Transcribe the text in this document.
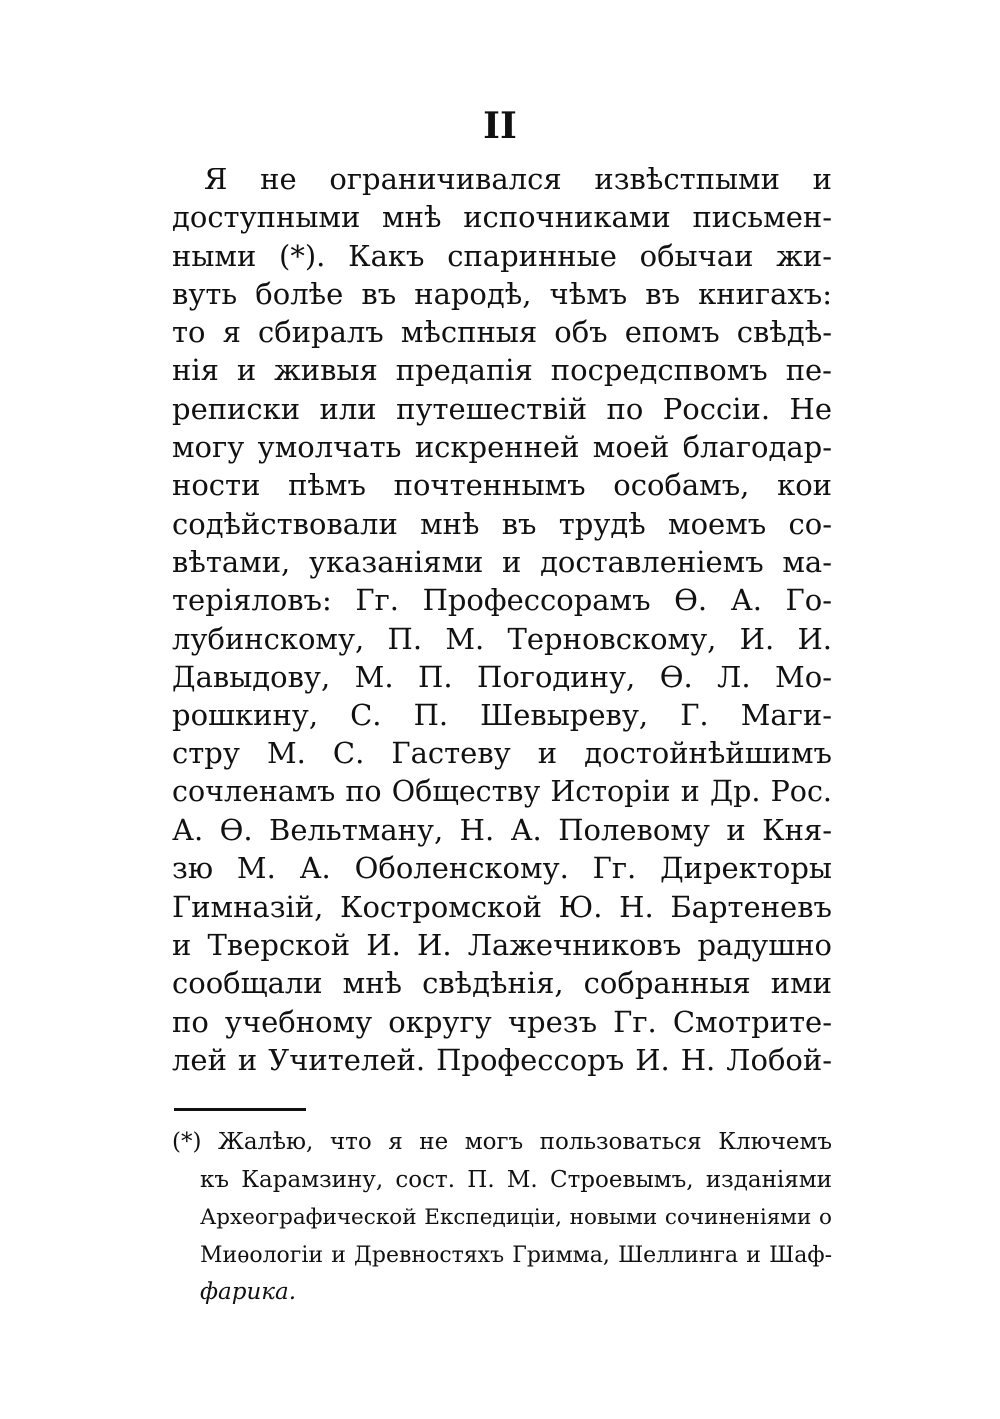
II
Я не ограничивался извѣстпыми и
доступными мнѣ испочниками письмен-
ными (*). Какъ спаринные обычаи жи-
вуть болѣе въ народѣ, чѣмъ въ книгахъ:
то я сбиралъ мѣспныя объ епомъ свѣдѣ-
нія и живыя предапія посредспвомъ пе-
реписки или путешествій по Россіи. Не
могу умолчать искренней моей благодар-
ности пѣмъ почтеннымъ особамъ, кои
содѣйствовали мнѣ въ трудѣ моемъ со-
вѣтами, указаніями и доставленіемъ ма-
теріяловъ: Гг. Профессорамъ Ѳ. А. Го-
лубинскому, П. М. Терновскому, И. И.
Давыдову, М. П. Погодину, Ѳ. Л. Мо-
рошкину, С. П. Шевыреву, Г. Маги-
стру М. С. Гастеву и достойнѣйшимъ
сочленамъ по Обществу Исторіи и Др. Рос.
А. Ѳ. Вельтману, Н. А. Полевому и Кня-
зю М. А. Оболенскому. Гг. Директоры
Гимназій, Костромской Ю. Н. Бартеневъ
и Тверской И. И. Лажечниковъ радушно
сообщали мнѣ свѣдѣнія, собранныя ими
по учебному округу чрезъ Гг. Смотрите-
лей и Учителей. Профессоръ И. Н. Лобой-
(*) Жалѣю, что я не могъ пользоваться Ключемъ
къ Карамзину, сост. П. М. Строевымъ, изданіями
Археографической Експедиціи, новыми сочиненіями о
Миѳологіи и Древностяхъ Гримма, Шеллинга и Шаф-
фарика.
